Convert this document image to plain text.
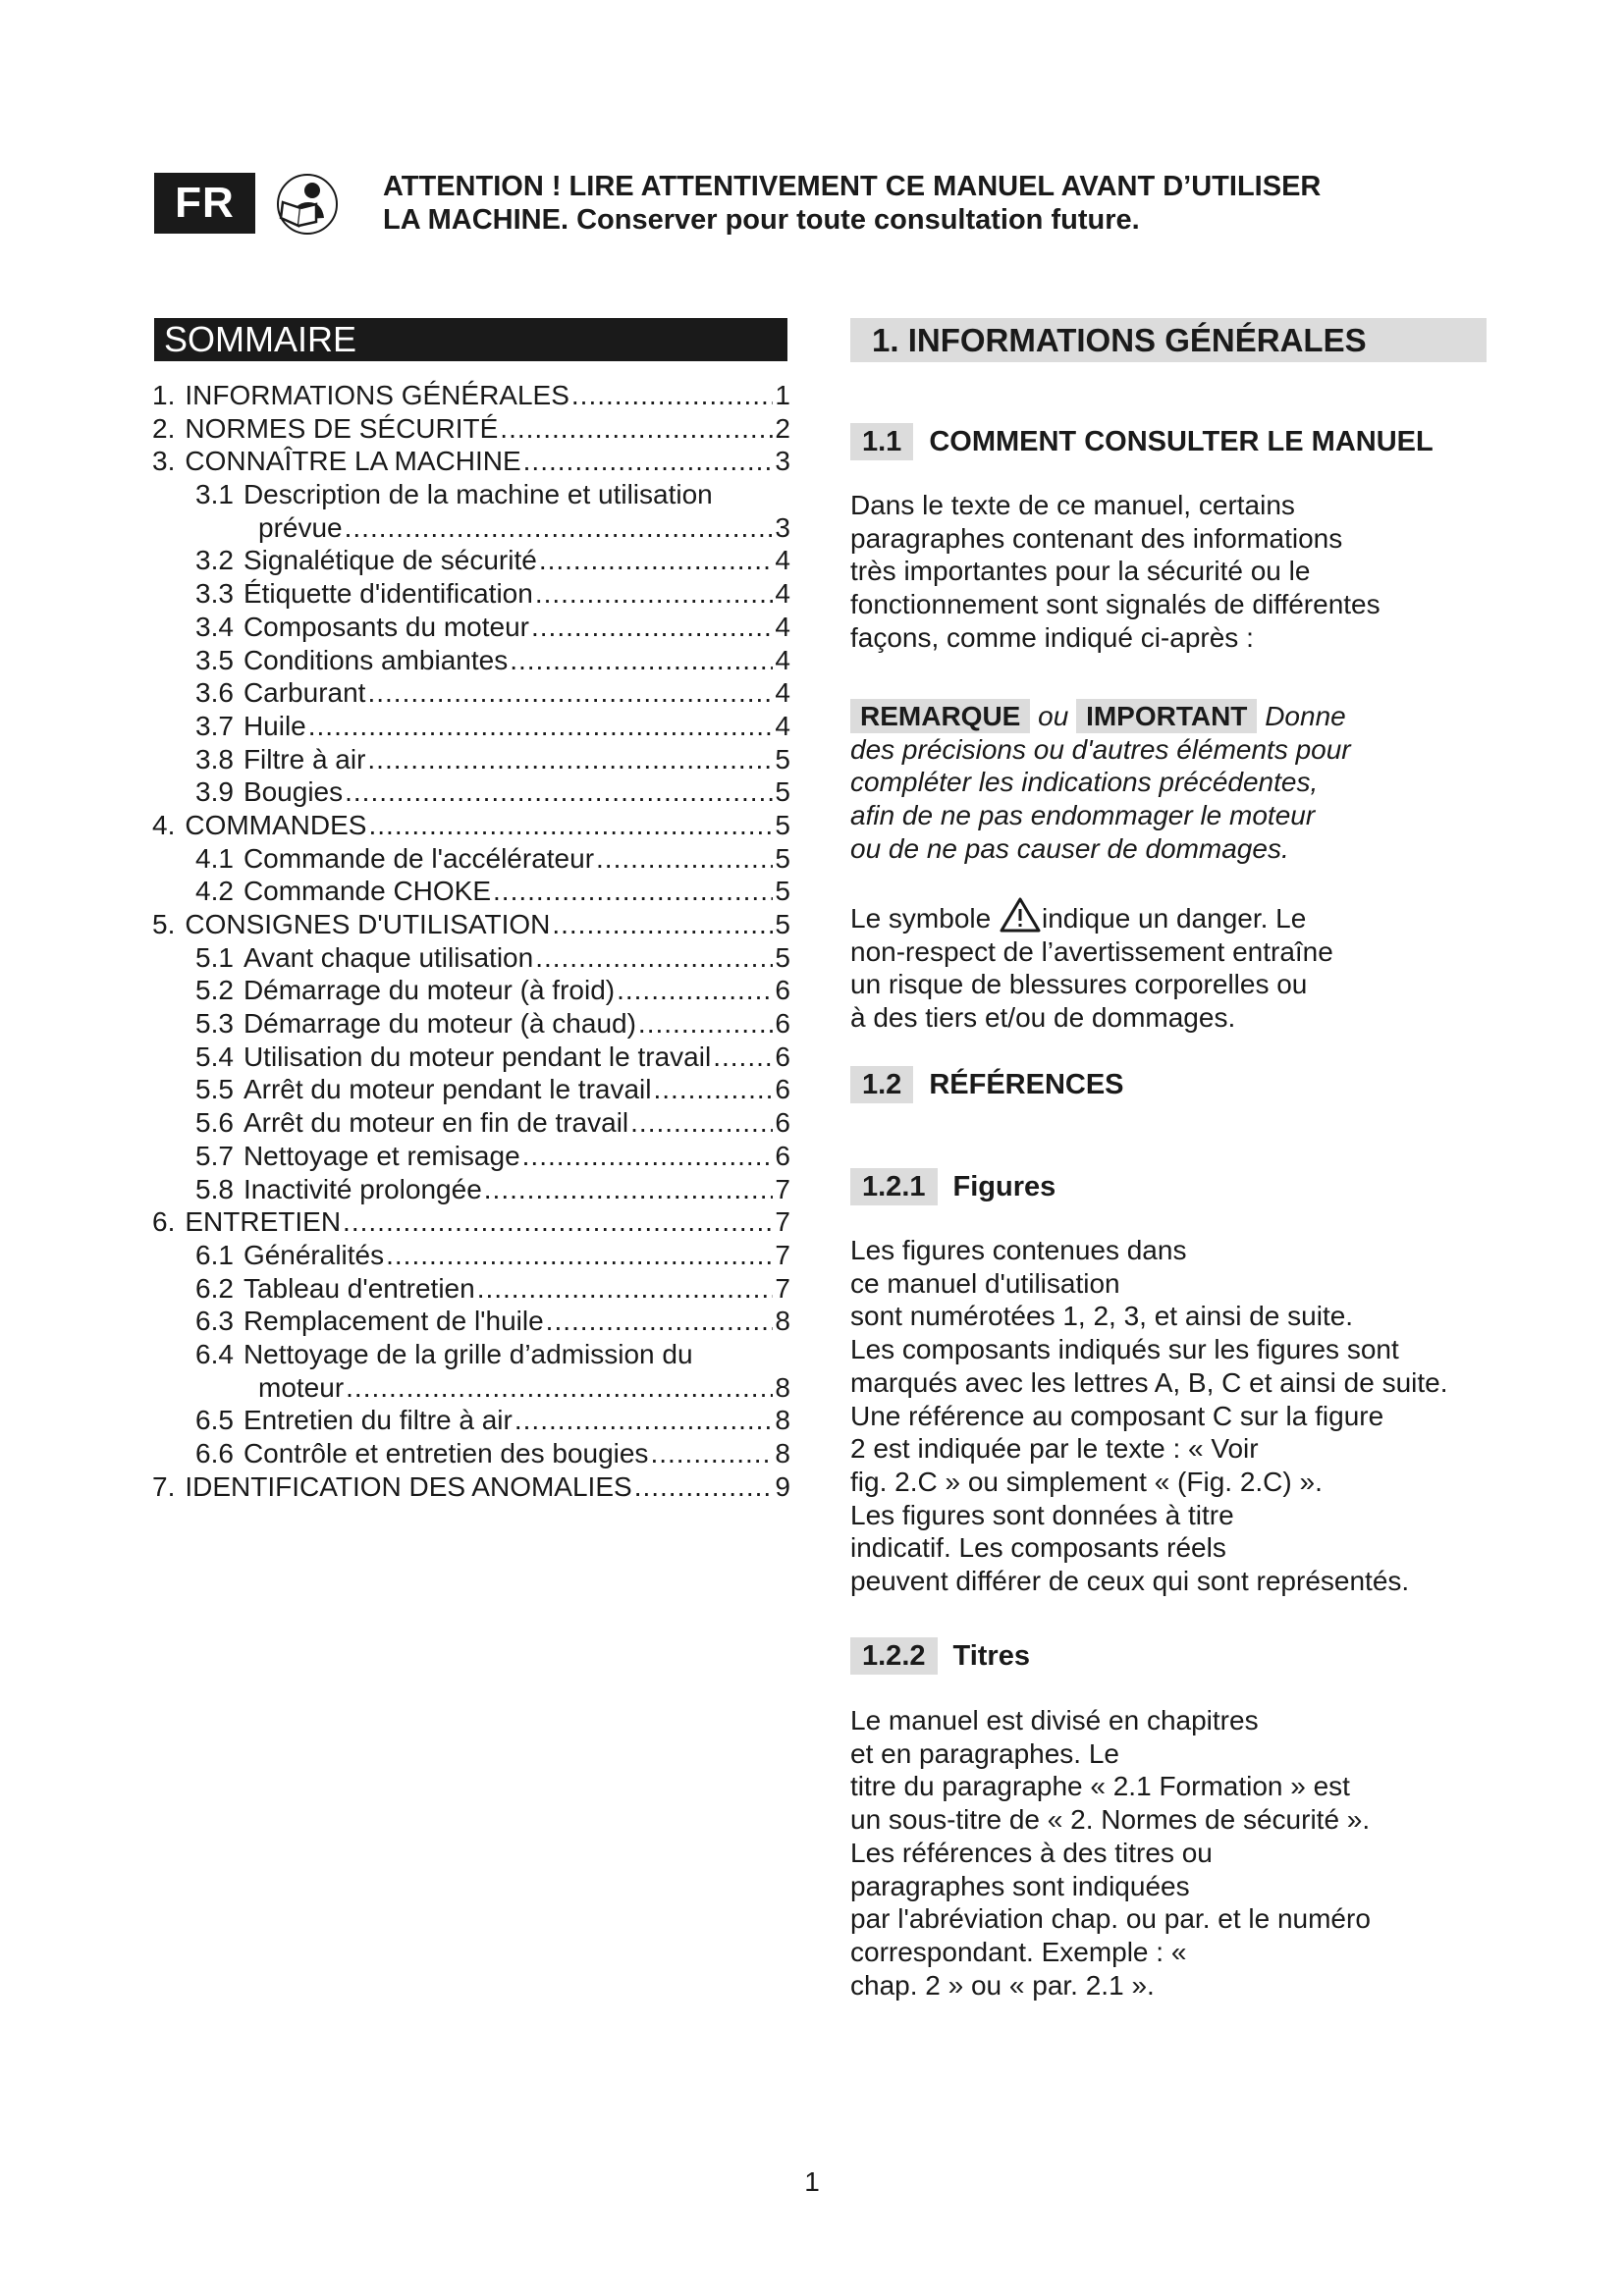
FR	ATTENTION ! LIRE ATTENTIVEMENT CE MANUEL AVANT D’UTILISER
LA MACHINE. Conserver pour toute consultation future.
SOMMAIRE
1. INFORMATIONS GÉNÉRALES .....	1
2. NORMES DE SÉCURITÉ .....	2
3. CONNAÎTRE LA MACHINE .....	3
3.1 Description de la machine et utilisation
prévue .....	3
3.2 Signalétique de sécurité .....	4
3.3 Étiquette d'identification .....	4
3.4 Composants du moteur .....	4
3.5 Conditions ambiantes .....	4
3.6 Carburant .....	4
3.7 Huile .....	4
3.8 Filtre à air .....	5
3.9 Bougies .....	5
4. COMMANDES .....	5
4.1 Commande de l'accélérateur .....	5
4.2 Commande CHOKE .....	5
5. CONSIGNES D'UTILISATION .....	5
5.1 Avant chaque utilisation .....	5
5.2 Démarrage du moteur (à froid) .....	6
5.3 Démarrage du moteur (à chaud) .....	6
5.4 Utilisation du moteur pendant le travail ..... 6
5.5 Arrêt du moteur pendant le travail .....	6
5.6 Arrêt du moteur en fin de travail .....	6
5.7 Nettoyage et remisage .....	6
5.8 Inactivité prolongée .....	7
6. ENTRETIEN .....	7
6.1 Généralités .....	7
6.2 Tableau d'entretien .....	7
6.3 Remplacement de l'huile .....	8
6.4 Nettoyage de la grille d’admission du
moteur .....	8
6.5 Entretien du filtre à air .....	8
6.6 Contrôle et entretien des bougies .....	8
7. IDENTIFICATION DES ANOMALIES .....	9
1. INFORMATIONS GÉNÉRALES
1.1 COMMENT CONSULTER LE MANUEL
Dans le texte de ce manuel, certains
paragraphes contenant des informations
très importantes pour la sécurité ou le
fonctionnement sont signalés de différentes
façons, comme indiqué ci-après :
REMARQUE ou IMPORTANT Donne
des précisions ou d'autres éléments pour
compléter les indications précédentes,
afin de ne pas endommager le moteur
ou de ne pas causer de dommages.
Le symbole indique un danger. Le
non-respect de l’avertissement entraîne
un risque de blessures corporelles ou
à des tiers et/ou de dommages.
1.2 RÉFÉRENCES
1.2.1 Figures
Les figures contenues dans
ce manuel d'utilisation
sont numérotées 1, 2, 3, et ainsi de suite.
Les composants indiqués sur les figures sont
marqués avec les lettres A, B, C et ainsi de suite.
Une référence au composant C sur la figure
2 est indiquée par le texte : « Voir
fig. 2.C » ou simplement « (Fig. 2.C) ».
Les figures sont données à titre
indicatif. Les composants réels
peuvent différer de ceux qui sont représentés.
1.2.2 Titres
Le manuel est divisé en chapitres
et en paragraphes. Le
titre du paragraphe « 2.1 Formation » est
un sous-titre de « 2. Normes de sécurité ».
Les références à des titres ou
paragraphes sont indiquées
par l'abréviation chap. ou par. et le numéro
correspondant. Exemple : «
chap. 2 » ou « par. 2.1 ».
1
